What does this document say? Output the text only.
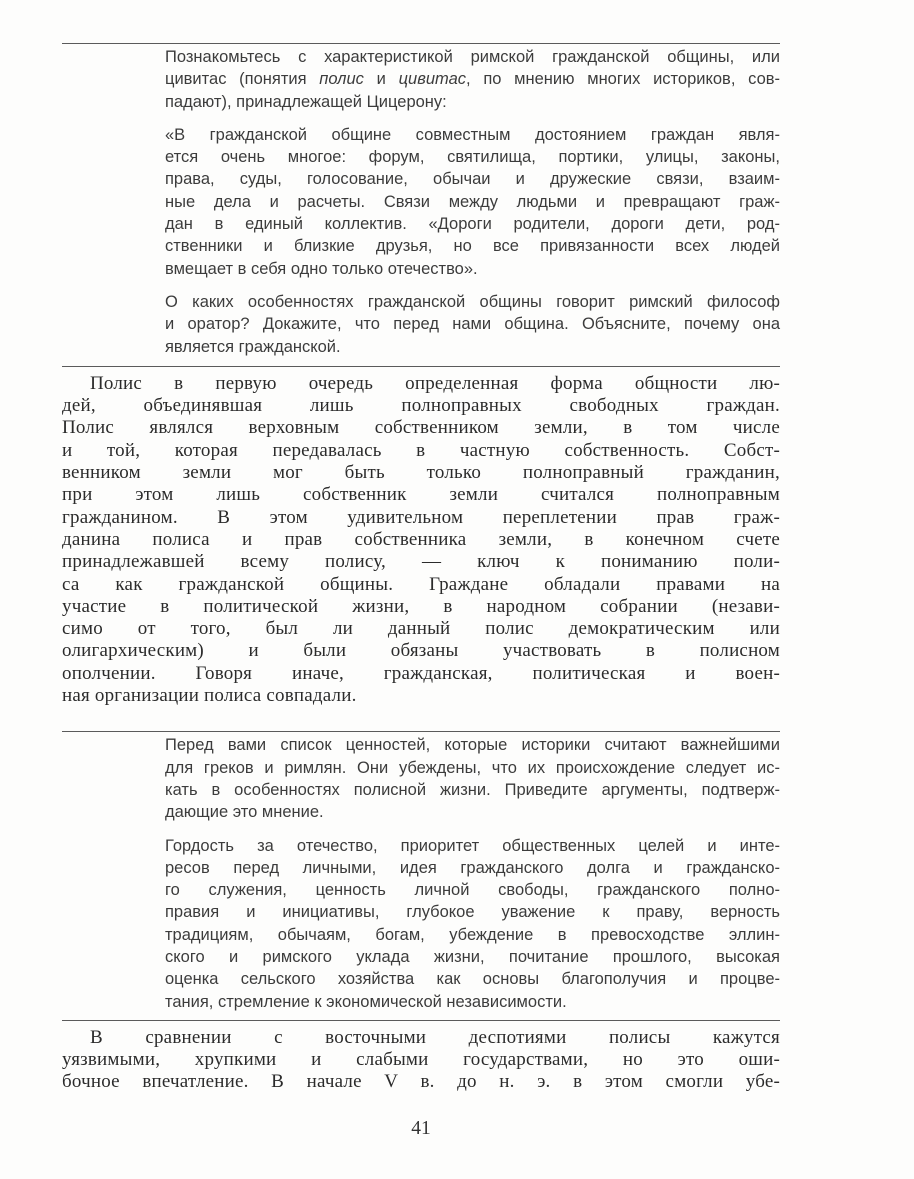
Познакомьтесь с характеристикой римской гражданской общины, или
цивитас (понятия полис и цивитас, по мнению многих историков, сов-
падают), принадлежащей Цицерону:

«В гражданской общине совместным достоянием граждан явля-
ется очень многое: форум, святилища, портики, улицы, законы,
права, суды, голосование, обычаи и дружеские связи, взаим-
ные дела и расчеты. Связи между людьми и превращают граж-
дан в единый коллектив. «Дороги родители, дороги дети, род-
ственники и близкие друзья, но все привязанности всех людей
вмещает в себя одно только отечество».

О каких особенностях гражданской общины говорит римский философ
и оратор? Докажите, что перед нами община. Объясните, почему она
является гражданской.

Полис в первую очередь определенная форма общности лю-
дей, объединявшая лишь полноправных свободных граждан.
Полис являлся верховным собственником земли, в том числе
и той, которая передавалась в частную собственность. Собст-
венником земли мог быть только полноправный гражданин,
при этом лишь собственник земли считался полноправным
гражданином. В этом удивительном переплетении прав граж-
данина полиса и прав собственника земли, в конечном счете
принадлежавшей всему полису, — ключ к пониманию поли-
са как гражданской общины. Граждане обладали правами на
участие в политической жизни, в народном собрании (незави-
симо от того, был ли данный полис демократическим или
олигархическим) и были обязаны участвовать в полисном
ополчении. Говоря иначе, гражданская, политическая и воен-
ная организации полиса совпадали.

Перед вами список ценностей, которые историки считают важнейшими
для греков и римлян. Они убеждены, что их происхождение следует ис-
кать в особенностях полисной жизни. Приведите аргументы, подтверж-
дающие это мнение.

Гордость за отечество, приоритет общественных целей и инте-
ресов перед личными, идея гражданского долга и гражданско-
го служения, ценность личной свободы, гражданского полно-
правия и инициативы, глубокое уважение к праву, верность
традициям, обычаям, богам, убеждение в превосходстве эллин-
ского и римского уклада жизни, почитание прошлого, высокая
оценка сельского хозяйства как основы благополучия и процве-
тания, стремление к экономической независимости.

В сравнении с восточными деспотиями полисы кажутся
уязвимыми, хрупкими и слабыми государствами, но это оши-
бочное впечатление. В начале V в. до н. э. в этом смогли убе-

41
